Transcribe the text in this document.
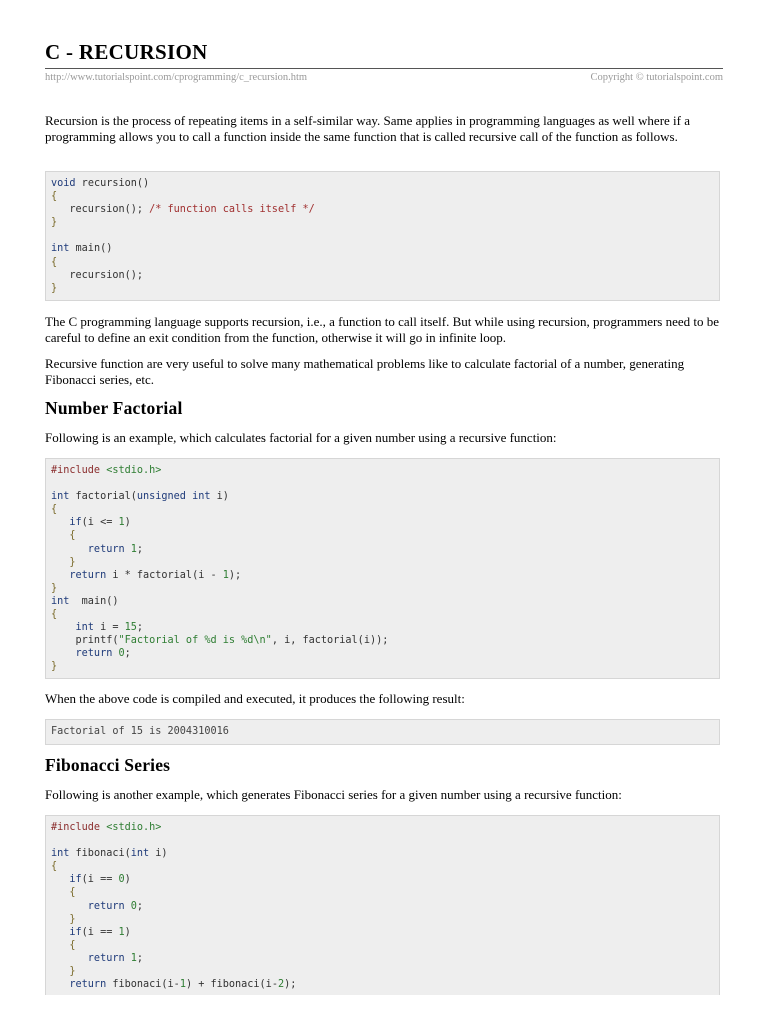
C - RECURSION
http://www.tutorialspoint.com/cprogramming/c_recursion.htm	Copyright © tutorialspoint.com

Recursion is the process of repeating items in a self-similar way. Same applies in programming languages as well where if a programming allows you to call a function inside the same function that is called recursive call of the function as follows.

void recursion()
{
recursion(); /* function calls itself */
}

int main()
{
recursion();
}

The C programming language supports recursion, i.e., a function to call itself. But while using recursion, programmers need to be careful to define an exit condition from the function, otherwise it will go in infinite loop.

Recursive function are very useful to solve many mathematical problems like to calculate factorial of a number, generating Fibonacci series, etc.

Number Factorial

Following is an example, which calculates factorial for a given number using a recursive function:

#include <stdio.h>

int factorial(unsigned int i)
{
if(i <= 1)
{
return 1;
}
return i * factorial(i - 1);
}
int  main()
{
int i = 15;
printf("Factorial of %d is %d\n", i, factorial(i));
return 0;
}

When the above code is compiled and executed, it produces the following result:

Factorial of 15 is 2004310016
Fibonacci Series

Following is another example, which generates Fibonacci series for a given number using a recursive function:

#include <stdio.h>

int fibonaci(int i)
{
if(i == 0)
{
return 0;
}
if(i == 1)
{
return 1;
}
return fibonaci(i-1) + fibonaci(i-2);
